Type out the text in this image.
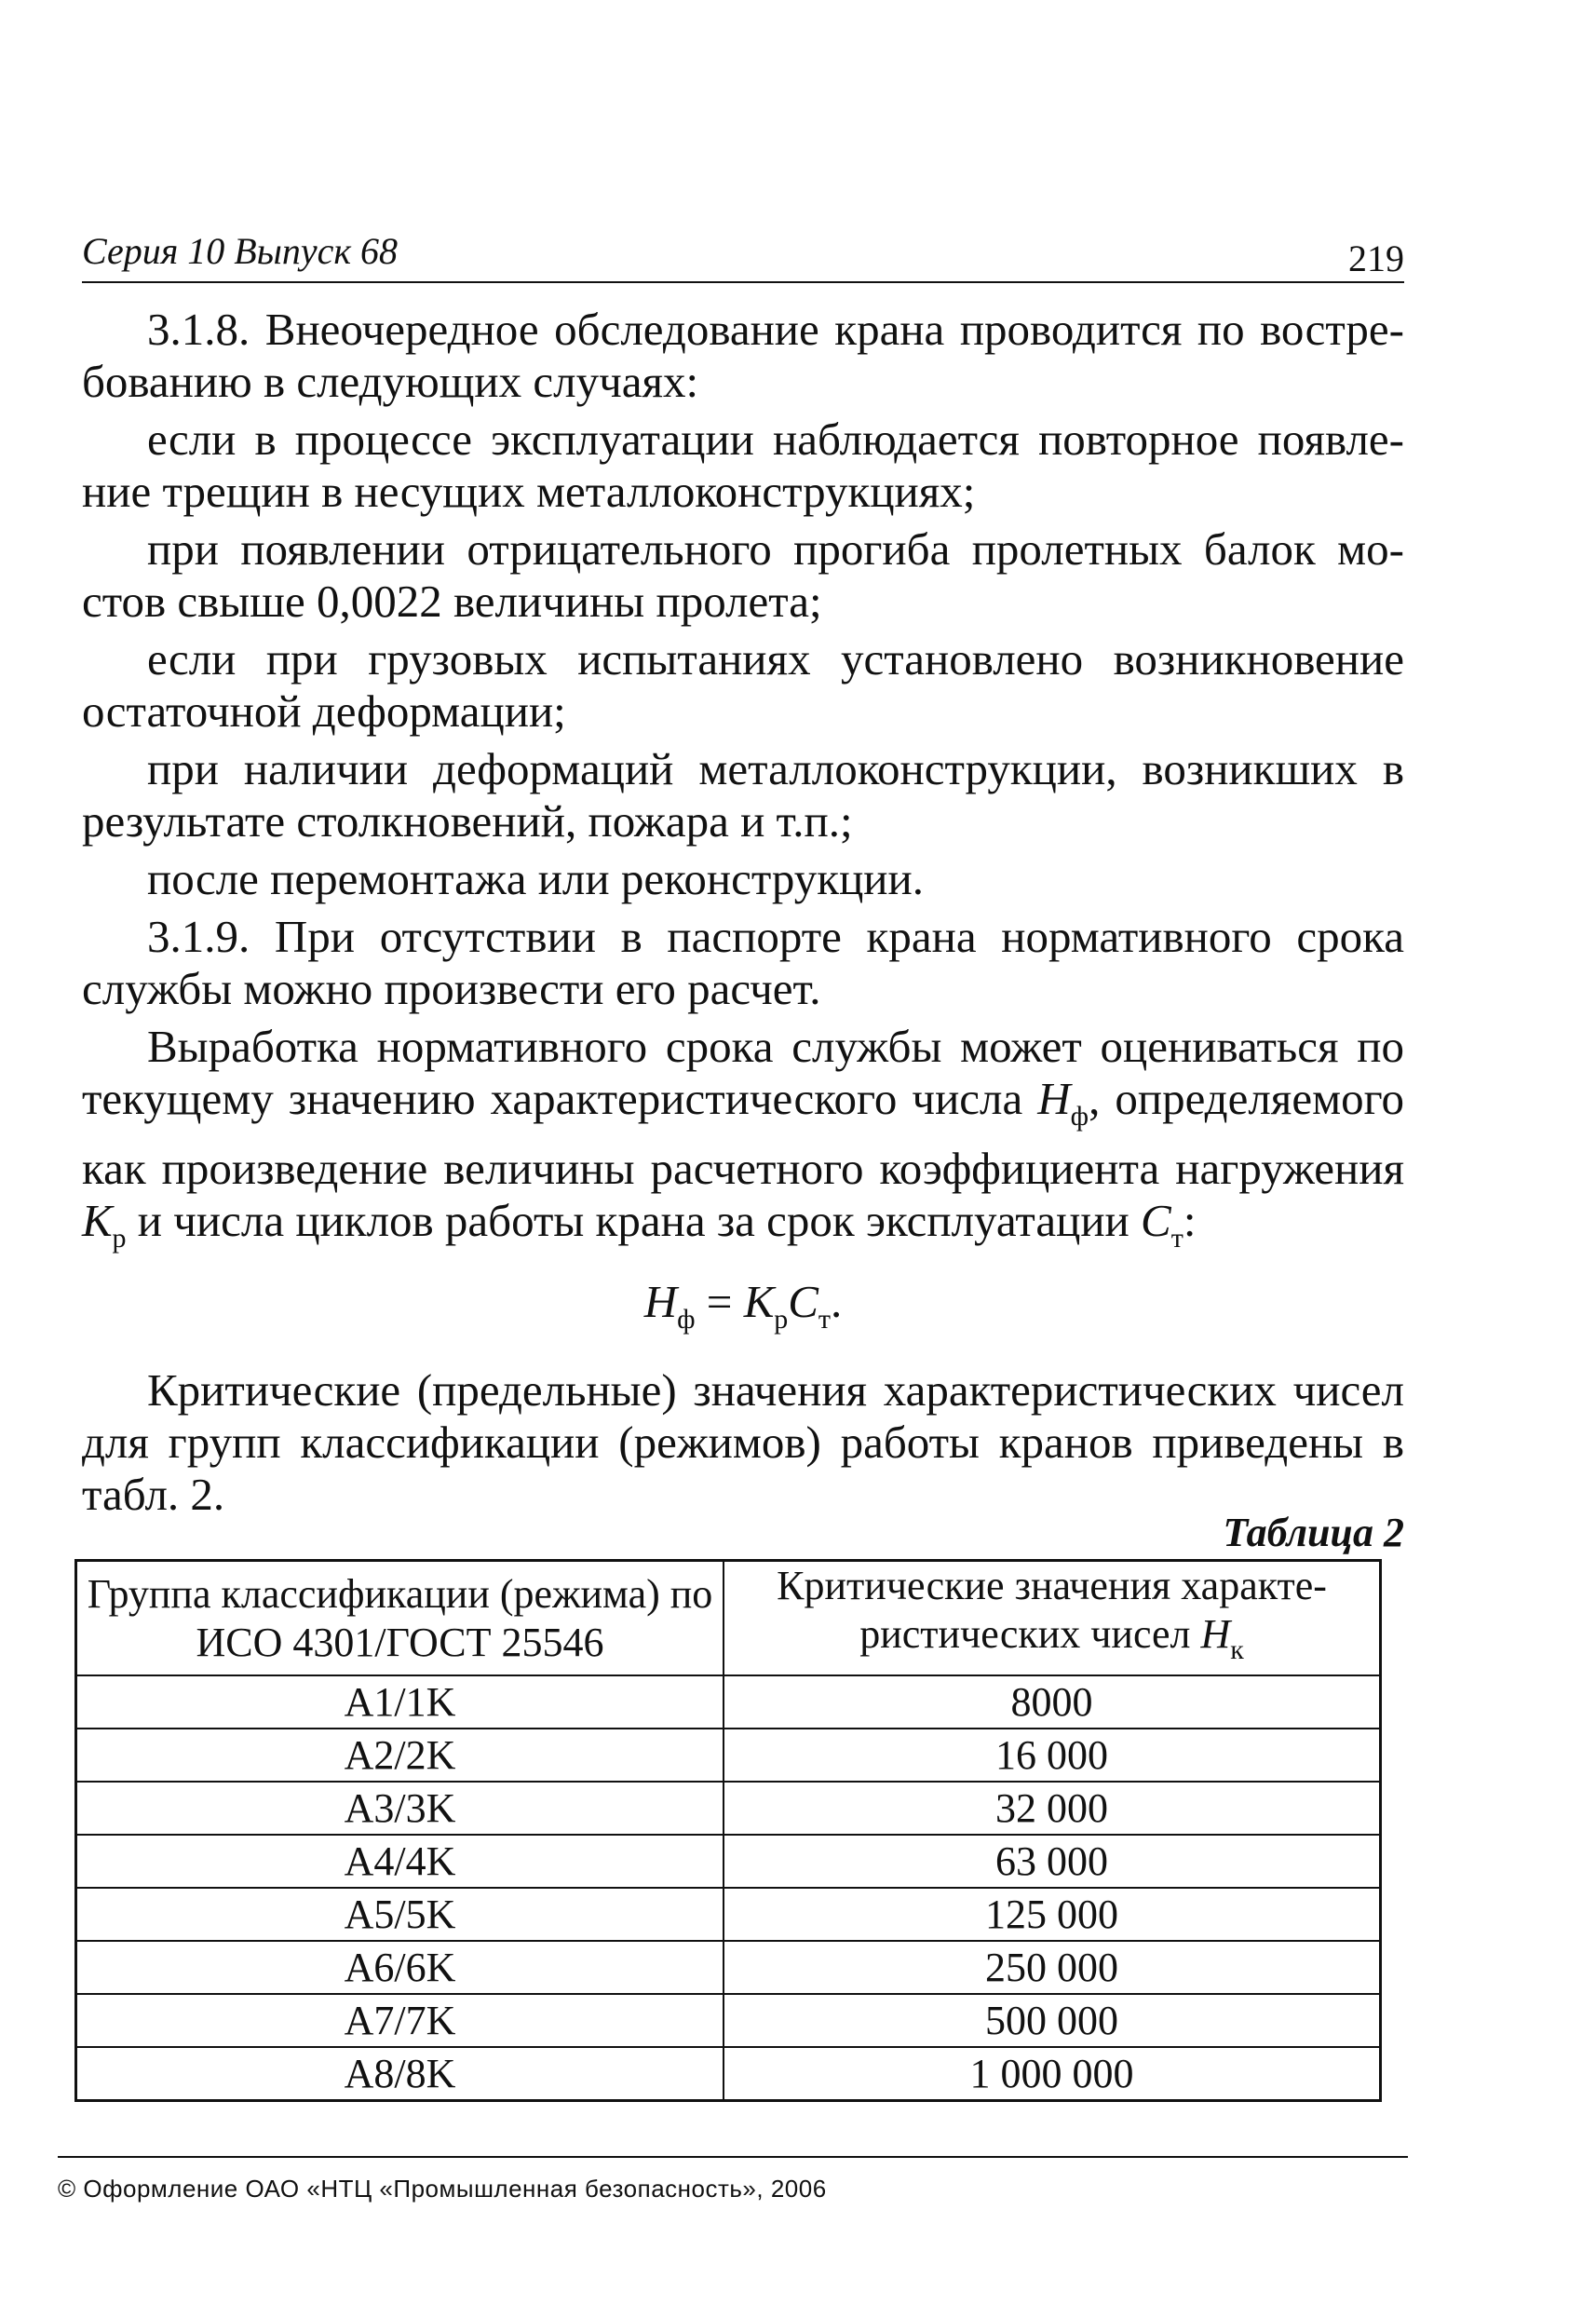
Серия 10 Выпуск 68	219

3.1.8. Внеочередное обследование крана проводится по востребованию в следующих случаях:

если в процессе эксплуатации наблюдается повторное появление трещин в несущих металлоконструкциях;

при появлении отрицательного прогиба пролетных балок мостов свыше 0,0022 величины пролета;

если при грузовых испытаниях установлено возникновение остаточной деформации;

при наличии деформаций металлоконструкции, возникших в результате столкновений, пожара и т.п.;

после перемонтажа или реконструкции.

3.1.9. При отсутствии в паспорте крана нормативного срока службы можно произвести его расчет.

Выработка нормативного срока службы может оцениваться по текущему значению характеристического числа $Н_ф$, определяемого как произведение величины расчетного коэффициента нагружения $К_р$ и числа циклов работы крана за срок эксплуатации $С_т$:

$Н_ф = К_рС_т$.

Критические (предельные) значения характеристических чисел для групп классификации (режимов) работы кранов приведены в табл. 2.

Таблица 2
Группа классификации (режима) по ИСО 4301/ГОСТ 25546	Критические значения характеристических чисел $Н_к$
A1/1K	8000
A2/2K	16 000
A3/3K	32 000
A4/4K	63 000
A5/5K	125 000
A6/6K	250 000
A7/7K	500 000
A8/8K	1 000 000
© Оформление ОАО «НТЦ «Промышленная безопасность», 2006
